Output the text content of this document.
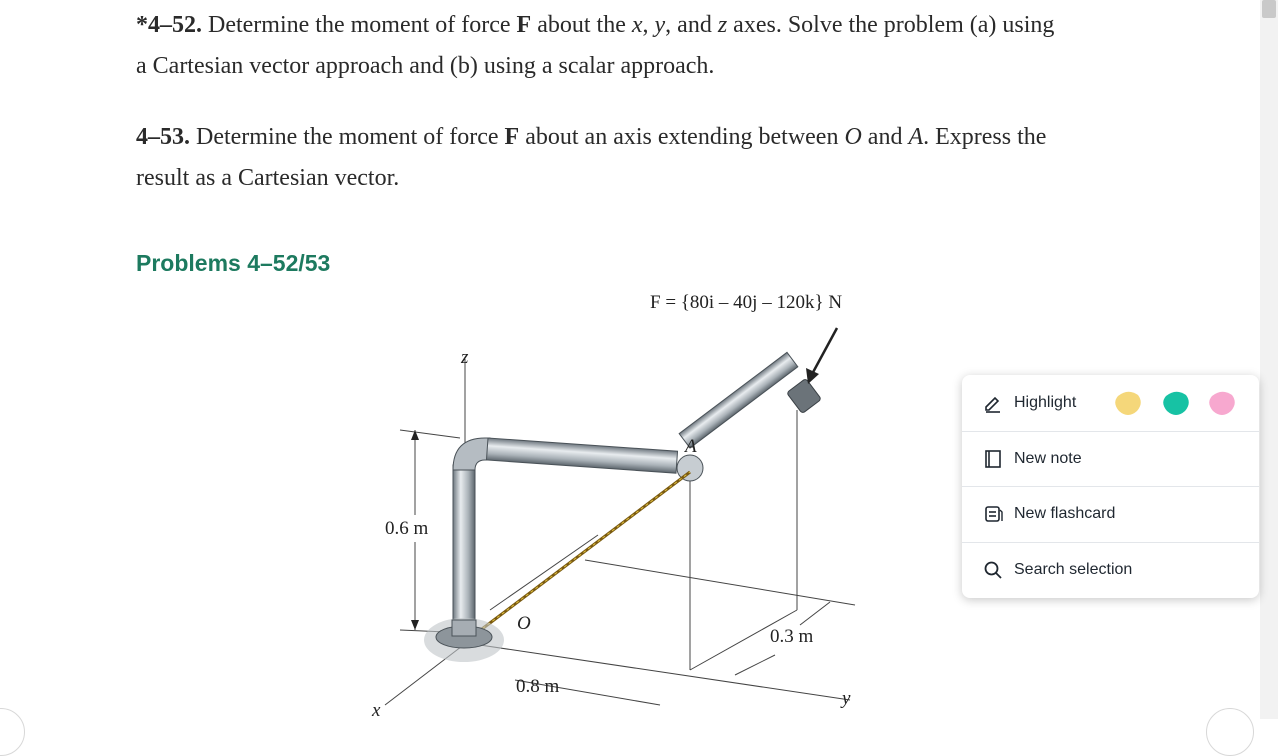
*4–52. Determine the moment of force F about the x, y, and z axes. Solve the problem (a) using
a Cartesian vector approach and (b) using a scalar approach.

4–53. Determine the moment of force F about an axis extending between O and A. Express the
result as a Cartesian vector.

Problems 4–52/53
F = {80i – 40j – 120k} N
z
A
O
0.6 m
0.8 m
0.3 m
x
y
Highlight
New note
New flashcard
Search selection
